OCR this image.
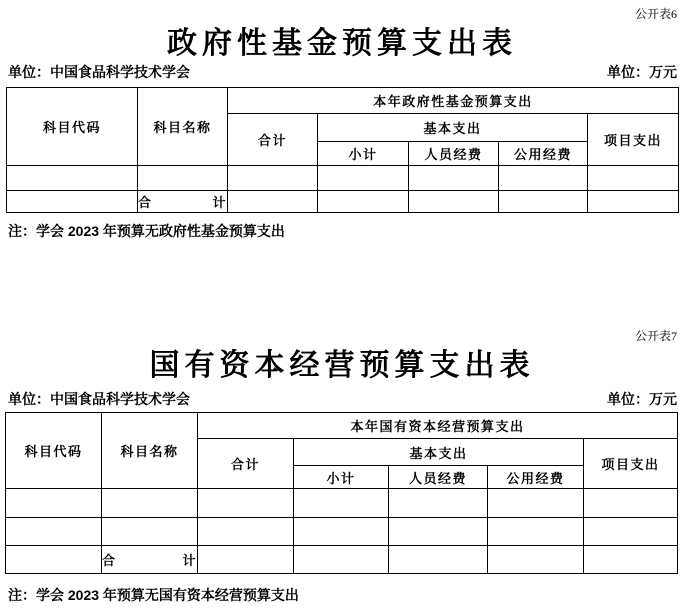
公开表6
政府性基金预算支出表
单位：中国食品科学技术学会	单位：万元
科目代码	科目名称	本年政府性基金预算支出				
		合计	基本支出			项目支出
			小计	人员经费	公用经费	

	合 计					
注：学会 2023 年预算无政府性基金预算支出
公开表7
国有资本经营预算支出表
单位：中国食品科学技术学会	单位：万元
科目代码	科目名称	本年国有资本经营预算支出				
		合计	基本支出			项目支出
			小计	人员经费	公用经费	

	合 计					
注：学会 2023 年预算无国有资本经营预算支出
